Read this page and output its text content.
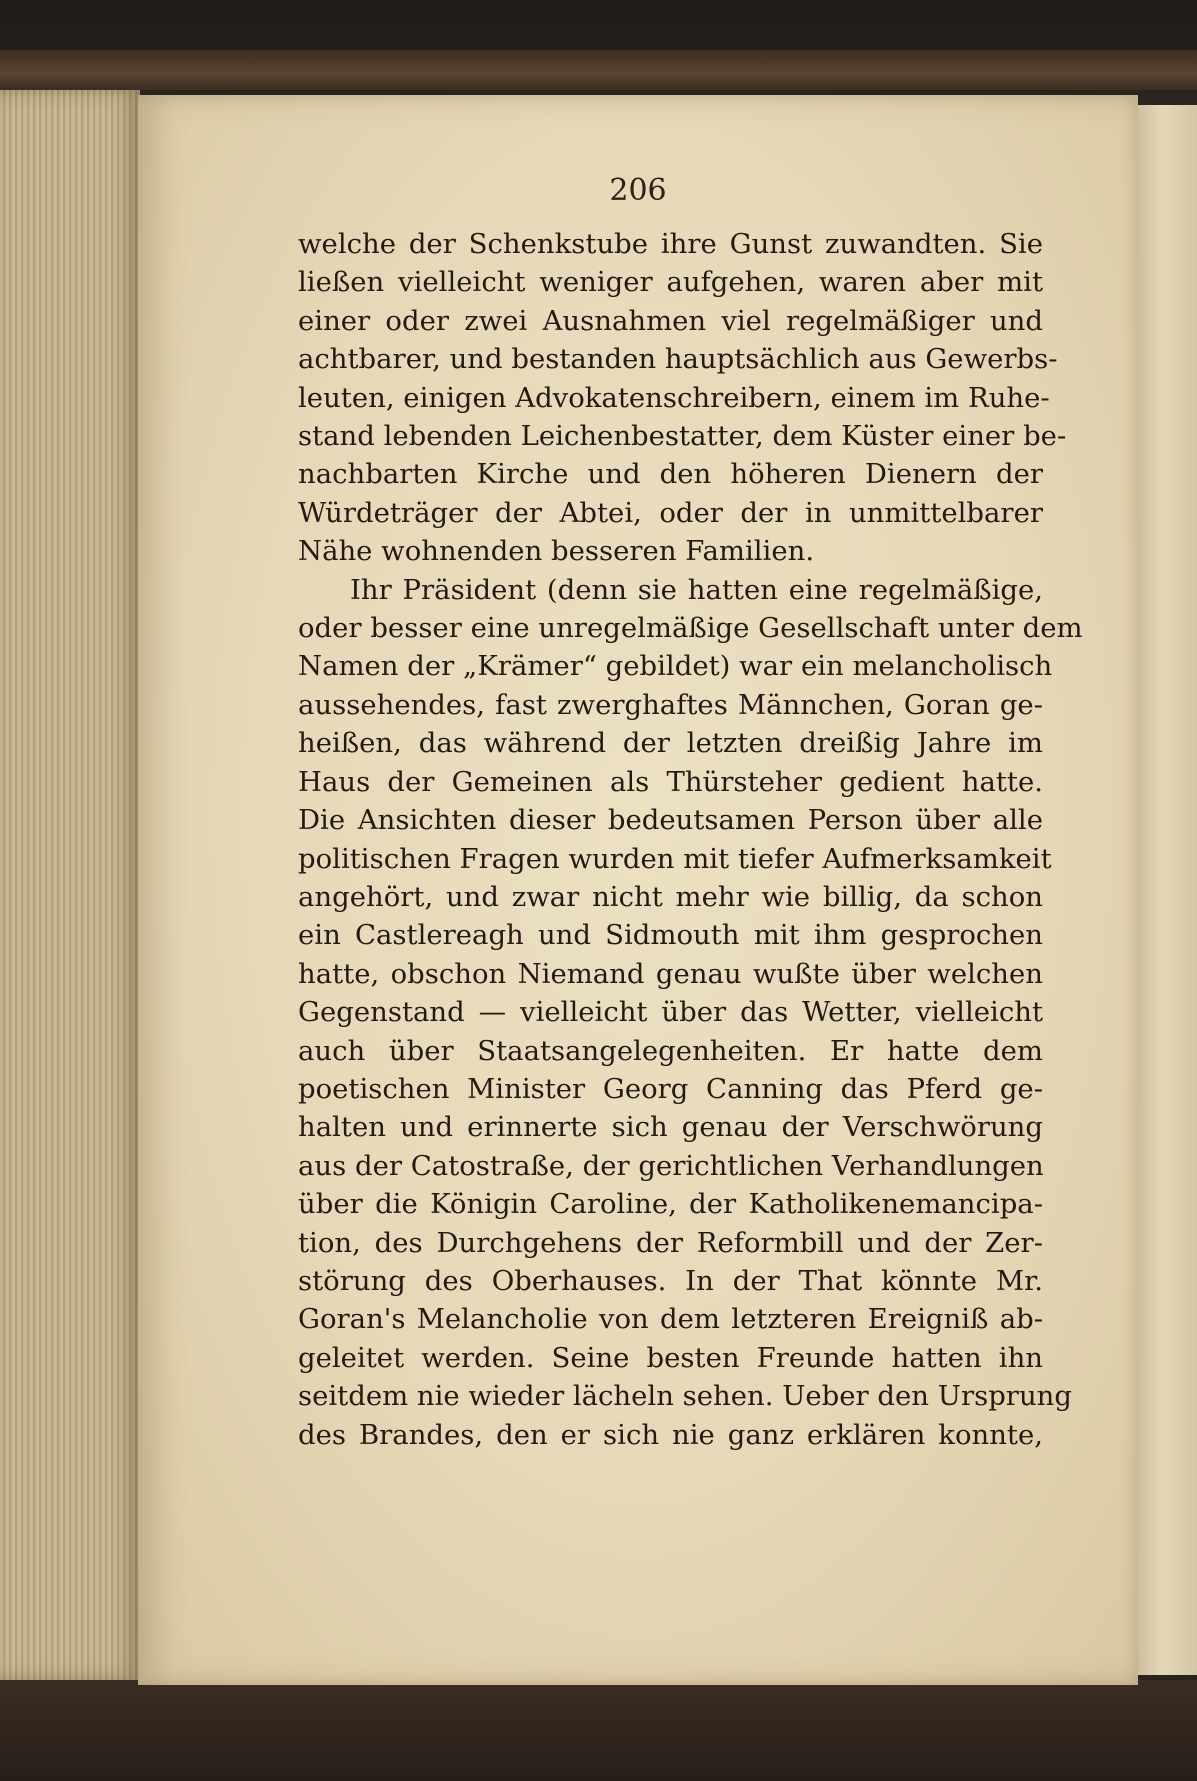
206
welche der Schenkstube ihre Gunst zuwandten. Sie
ließen vielleicht weniger aufgehen, waren aber mit
einer oder zwei Ausnahmen viel regelmäßiger und
achtbarer, und bestanden hauptsächlich aus Gewerbs-
leuten, einigen Advokatenschreibern, einem im Ruhe-
stand lebenden Leichenbestatter, dem Küster einer be-
nachbarten Kirche und den höheren Dienern der
Würdeträger der Abtei, oder der in unmittelbarer
Nähe wohnenden besseren Familien.
Ihr Präsident (denn sie hatten eine regelmäßige,
oder besser eine unregelmäßige Gesellschaft unter dem
Namen der „Krämer“ gebildet) war ein melancholisch
aussehendes, fast zwerghaftes Männchen, Goran ge-
heißen, das während der letzten dreißig Jahre im
Haus der Gemeinen als Thürsteher gedient hatte.
Die Ansichten dieser bedeutsamen Person über alle
politischen Fragen wurden mit tiefer Aufmerksamkeit
angehört, und zwar nicht mehr wie billig, da schon
ein Castlereagh und Sidmouth mit ihm gesprochen
hatte, obschon Niemand genau wußte über welchen
Gegenstand — vielleicht über das Wetter, vielleicht
auch über Staatsangelegenheiten. Er hatte dem
poetischen Minister Georg Canning das Pferd ge-
halten und erinnerte sich genau der Verschwörung
aus der Catostraße, der gerichtlichen Verhandlungen
über die Königin Caroline, der Katholikenemancipa-
tion, des Durchgehens der Reformbill und der Zer-
störung des Oberhauses. In der That könnte Mr.
Goran's Melancholie von dem letzteren Ereigniß ab-
geleitet werden. Seine besten Freunde hatten ihn
seitdem nie wieder lächeln sehen. Ueber den Ursprung
des Brandes, den er sich nie ganz erklären konnte,
